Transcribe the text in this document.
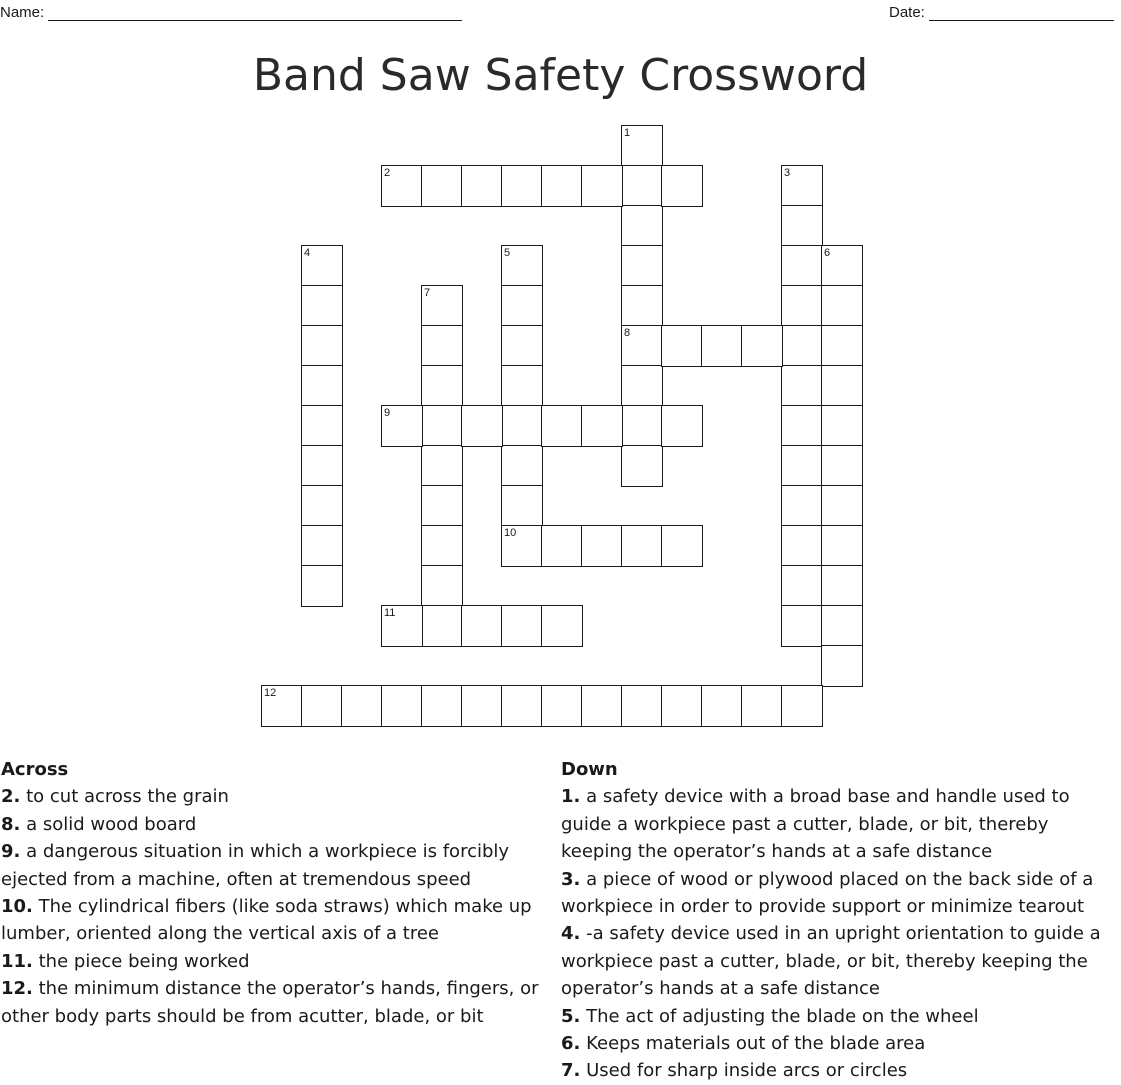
Name:	Date:
Band Saw Safety Crossword
1
8
2	3
4	5	6
7
9
10
11
12
Across
2. to cut across the grain
8. a solid wood board
9. a dangerous situation in which a workpiece is forcibly ejected from a machine, often at tremendous speed
10. The cylindrical fibers (like soda straws) which make up lumber, oriented along the vertical axis of a tree
11. the piece being worked
12. the minimum distance the operator’s hands, fingers, or other body parts should be from acutter, blade, or bit
Down
1. a safety device with a broad base and handle used to guide a workpiece past a cutter, blade, or bit, thereby keeping the operator’s hands at a safe distance
3. a piece of wood or plywood placed on the back side of a workpiece in order to provide support or minimize tearout
4. -a safety device used in an upright orientation to guide a workpiece past a cutter, blade, or bit, thereby keeping the operator’s hands at a safe distance
5. The act of adjusting the blade on the wheel
6. Keeps materials out of the blade area
7. Used for sharp inside arcs or circles
